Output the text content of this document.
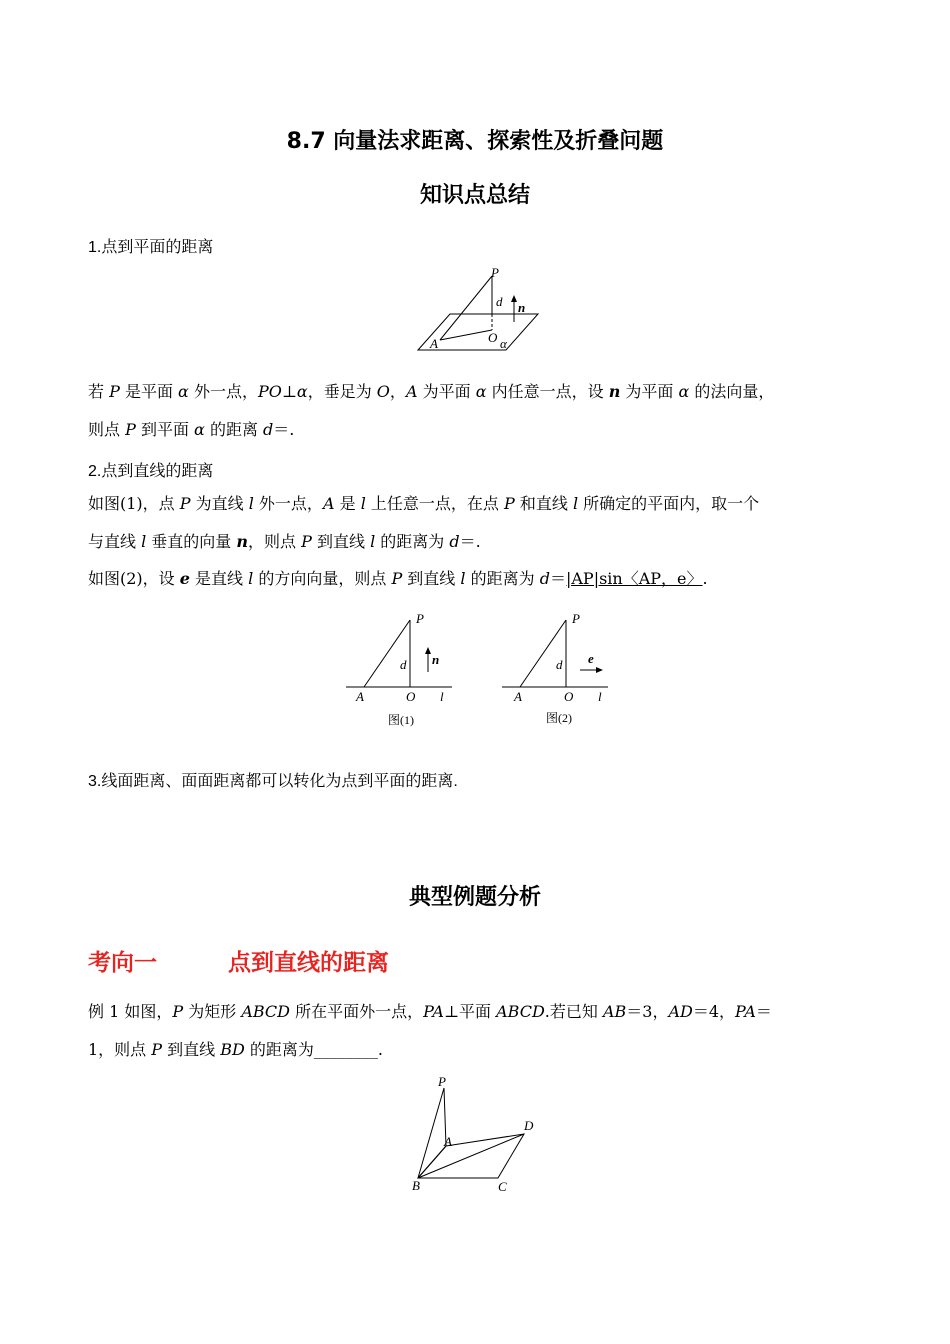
8.7 向量法求距离、探索性及折叠问题
知识点总结
1.点到平面的距离
P
d n
A	O α
若 P 是平面 α 外一点，PO⊥α，垂足为 O，A 为平面 α 内任意一点，设 n 为平面 α 的法向量，
则点 P 到平面 α 的距离 d＝.
2.点到直线的距离
如图(1)，点 P 为直线 l 外一点，A 是 l 上任意一点，在点 P 和直线 l 所确定的平面内，取一个
与直线 l 垂直的向量 n，则点 P 到直线 l 的距离为 d＝.
如图(2)，设 e 是直线 l 的方向向量，则点 P 到直线 l 的距离为 d＝|AP|sin〈AP，e〉.
P
d n
A	O l
图(1)
P
d e
A	O l
图(2)
3.线面距离、面面距离都可以转化为点到平面的距离.
典型例题分析
考向一	点到直线的距离
例 1 如图，P 为矩形 ABCD 所在平面外一点，PA⊥平面 ABCD.若已知 AB＝3，AD＝4，PA＝
1，则点 P 到直线 BD 的距离为________.
P
A
D
B	C
